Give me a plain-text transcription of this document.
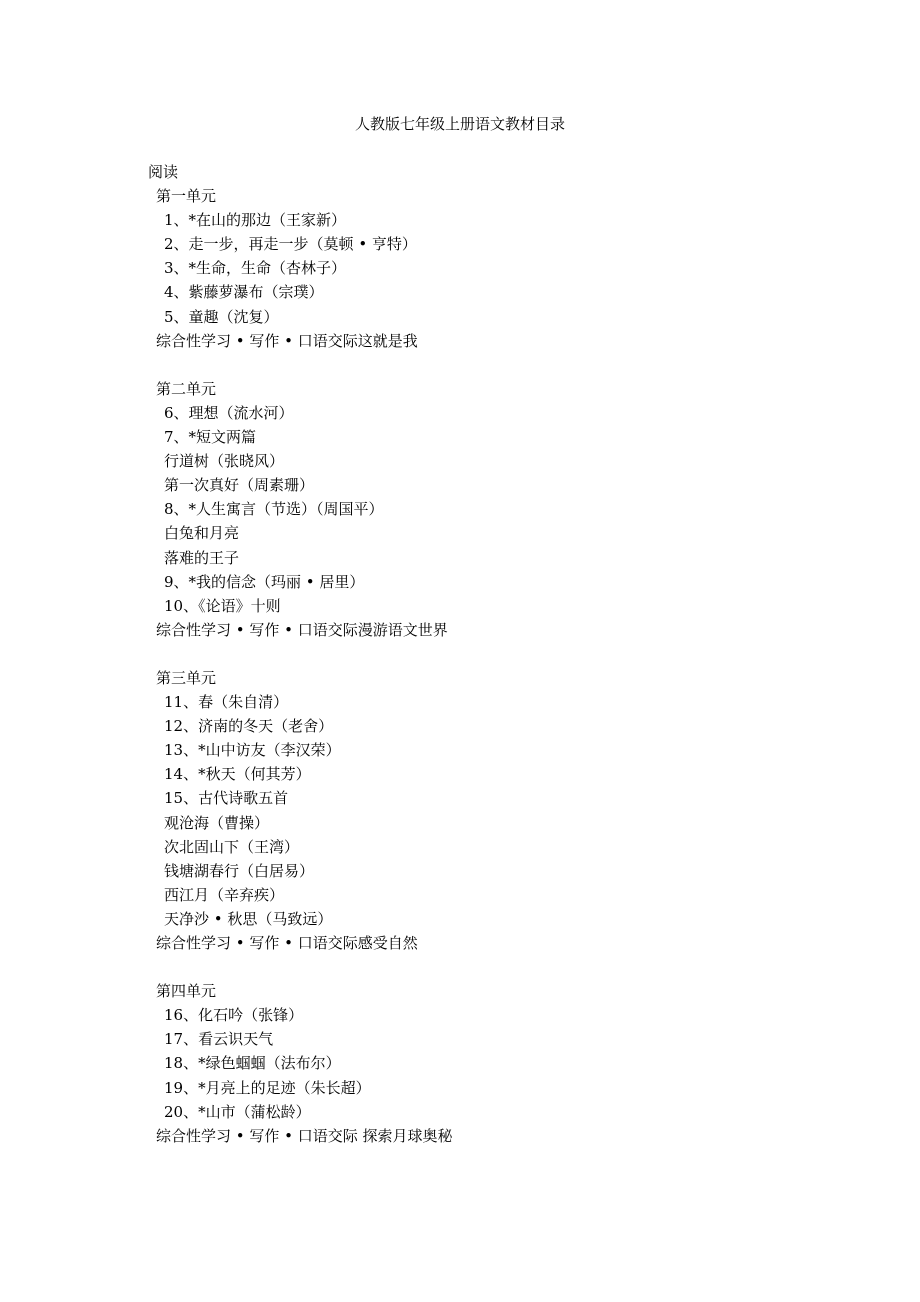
人教版七年级上册语文教材目录
阅读
第一单元
1、*在山的那边（王家新）
2、走一步，再走一步（莫顿 • 亨特）
3、*生命，生命（杏林子）
4、紫藤萝瀑布（宗璞）
5、童趣（沈复）
综合性学习 • 写作 • 口语交际这就是我
第二单元
6、理想（流水河）
7、*短文两篇
行道树（张晓风）
第一次真好（周素珊）
8、*人生寓言（节选）（周国平）
白兔和月亮
落难的王子
9、*我的信念（玛丽 • 居里）
10、《论语》十则
综合性学习 • 写作 • 口语交际漫游语文世界
第三单元
11、春（朱自清）
12、济南的冬天（老舍）
13、*山中访友（李汉荣）
14、*秋天（何其芳）
15、古代诗歌五首
观沧海（曹操）
次北固山下（王湾）
钱塘湖春行（白居易）
西江月（辛弃疾）
天净沙 • 秋思（马致远）
综合性学习 • 写作 • 口语交际感受自然
第四单元
16、化石吟（张锋）
17、看云识天气
18、*绿色蝈蝈（法布尔）
19、*月亮上的足迹（朱长超）
20、*山市（蒲松龄）
综合性学习 • 写作 • 口语交际 探索月球奥秘
